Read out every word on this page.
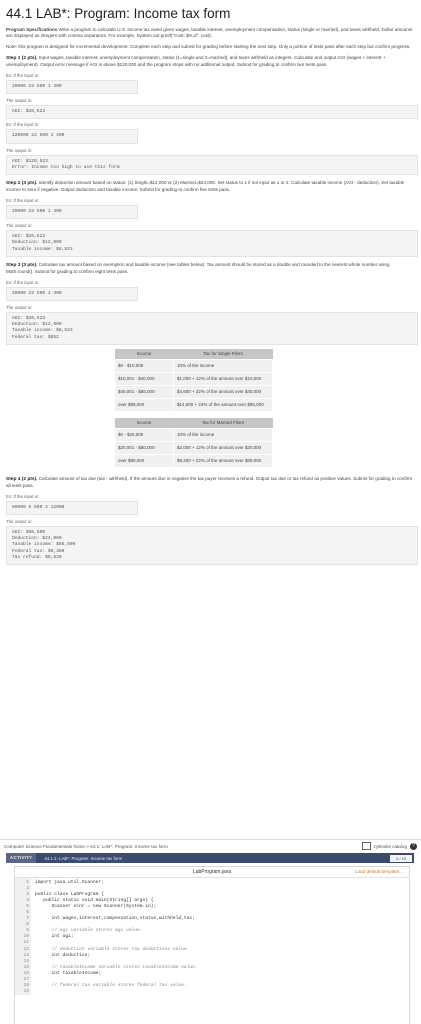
44.1 LAB*: Program: Income tax form

Program Specifications Write a program to calculate U.S. income tax owed given wages, taxable interest, unemployment compensation, status (single or married), and taxes withheld. Dollar amounts are displayed as integers with comma separators. For example, System.out.printf("Cost: $%,d", cost);

Note: this program is designed for incremental development. Complete each step and submit for grading before starting the next step. Only a portion of tests pass after each step but confirm progress.

Step 1 (2 pts). Input wages, taxable interest, unemployment compensation, status (1=single and 2=married), and taxes withheld as integers. Calculate and output AGI (wages + interest + unemployment). Output error message if AGI is above $120,000 and the program stops with no additional output. Submit for grading to confirm two tests pass.

Ex: If the input is:
20000 23 500 1 400
The output is:
AGI: $20,523
Ex: If the input is:
120000 23 500 1 400
The output is:
AGI: $120,523
Error: Income too high to use this form

Step 2 (3 pts). Identify deduction amount based on status: (1) Single=$12,000 or (2) Married=$24,000. Set status to 1 if not input as 1 or 2. Calculate taxable income (AGI - deduction). Set taxable income to zero if negative. Output deduction and taxable income. Submit for grading to confirm five tests pass.

Ex: If the input is:
20000 23 500 1 400
The output is:
AGI: $20,523
Deduction: $12,000
Taxable income: $8,523

Step 3 (3 pts). Calculate tax amount based on exemption and taxable income (see tables below). Tax amount should be stored as a double and rounded to the nearest whole number using Math.round(). Submit for grading to confirm eight tests pass.

Ex: If the input is:
20000 23 500 1 400
The output is:
AGI: $20,523
Deduction: $12,000
Taxable income: $8,523
Federal tax: $852
Income	Tax for Single Filers
$0 - $10,000	10% of the income
$10,001 - $40,000	$1,000 + 12% of the amount over $10,000
$40,001 - $85,000	$4,600 + 22% of the amount over $40,000
over $85,000	$14,500 + 24% of the amount over $85,000
Income	Tax for Married Filers
$0 - $20,000	10% of the income
$20,001 - $80,000	$2,000 + 12% of the amount over $20,000
over $80,000	$9,200 + 22% of the amount over $80,000

Step 4 (2 pts). Calculate amount of tax due (tax - withheld). If the amount due is negative the tax payer receives a refund. Output tax due or tax refund as positive values. Submit for grading to confirm all tests pass.

Ex: If the input is:
80000 0 500 2 12000
The output is:
AGI: $80,500
Deduction: $24,000
Taxable income: $56,500
Federal tax: $6,380
Tax refund: $5,620
Computer Science Fundamentals home > 44.1: LAB*: Program: Income tax form	zyBooks catalog	?
ACTIVITY	44.1.1: LAB*: Program: Income tax form	0 / 10
LabProgram.java	Load default template...
1
2
3
4
5
6
7
8
9
10
11
12
13
14
15
16
17
18
19
import java.util.Scanner;

public class LabProgram {
public static void main(String[] args) {
Scanner scnr = new Scanner(System.in);

int wages,interest,compensation,status,withheld,tax;

// agi variable stores agi value.
int agi;

// deduction variable stores tax deductions value.
int deduction;

// taxableIncome variable stores taxableIncome value.
int taxableIncome;

// federal tax variable stores federal tax value.
